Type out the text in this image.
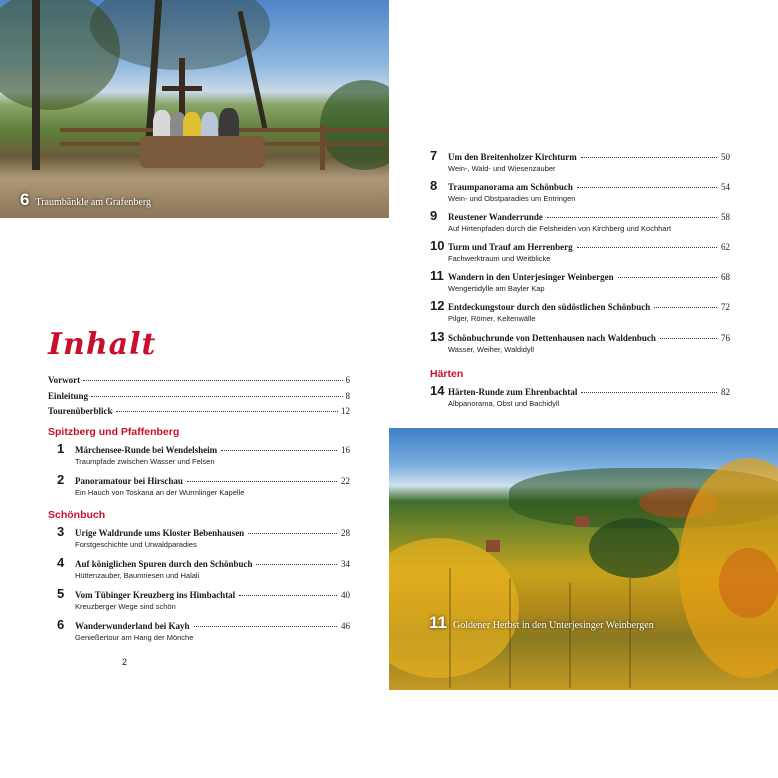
6 Traumbänkle am Grafenberg
Inhalt
Vorwort	6
Einleitung	8
Tourenüberblick	12
Spitzberg und Pfaffenberg
1	Märchensee-Runde bei Wendelsheim	16
Traumpfade zwischen Wasser und Felsen
2	Panoramatour bei Hirschau	22
Ein Hauch von Toskana an der Wurmlinger Kapelle
Schönbuch
3	Urige Waldrunde ums Kloster Bebenhausen	28
Forstgeschichte und Urwaldparadies
4	Auf königlichen Spuren durch den Schönbuch	34
Hüttenzauber, Baumriesen und Halali
5	Vom Tübinger Kreuzberg ins Himbachtal	40
Kreuzberger Wege sind schön
6	Wanderwunderland bei Kayh	46
Genießertour am Hang der Mönche
2
7	Um den Breitenholzer Kirchturm	50
Wein-, Wald- und Wiesenzauber
8	Traumpanorama am Schönbuch	54
Wein- und Obstparadies um Entringen
9	Reustener Wanderrunde	58
Auf Hirtenpfaden durch die Felsheiden von Kirchberg und Kochhart
10 Turm und Trauf am Herrenberg	62
Fachwerktraum und Weitblicke
11 Wandern in den Unterjesinger Weinbergen	68
Wengertidylle am Bayler Kap
12 Entdeckungstour durch den südöstlichen Schönbuch	72
Pilger, Römer, Keltenwälle
13 Schönbuchrunde von Dettenhausen nach Waldenbuch	76
Wasser, Weiher, Waldidyll
Härten
14 Härten-Runde zum Ehrenbachtal	82
Albpanorama, Obst und Bachidyll
11 Goldener Herbst in den Unterjesinger Weinbergen
